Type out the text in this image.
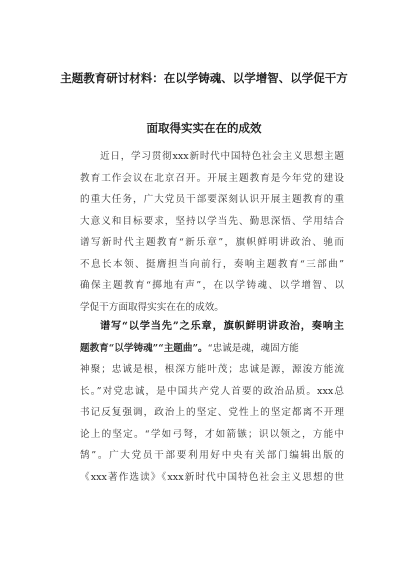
主题教育研讨材料：在以学铸魂、以学增智、以学促干方
面取得实实在在的成效
近日，学习贯彻xxx新时代中国特色社会主义思想主题
教育工作会议在北京召开。开展主题教育是今年党的建设
的重大任务，广大党员干部要深刻认识开展主题教育的重
大意义和目标要求，坚持以学当先、勤思深悟、学用结合
谱写新时代主题教育“新乐章”，旗帜鲜明讲政治、驰而
不息长本领、挺膺担当向前行，奏响主题教育“三部曲”
确保主题教育“掷地有声”，在以学铸魂、以学增智、以
学促干方面取得实实在在的成效。
谱写“以学当先”之乐章，旗帜鲜明讲政治，奏响主
题教育“以学铸魂”“主题曲”。“忠诚是魂，魂固方能
神聚；忠诚是根，根深方能叶茂；忠诚是源，源浚方能流
长。”对党忠诚，是中国共产党人首要的政治品质。xxx总
书记反复强调，政治上的坚定、党性上的坚定都离不开理
论上的坚定。“学如弓弩，才如箭镞；识以领之，方能中
鹄”。广大党员干部要利用好中央有关部门编辑出版的
《xxx著作选读》《xxx新时代中国特色社会主义思想的世
